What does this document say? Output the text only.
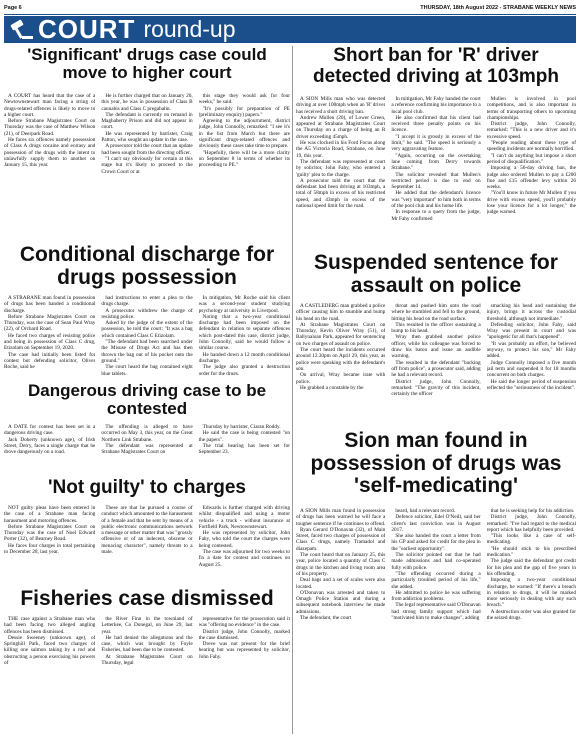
Page 6	THURSDAY, 18th August 2022 - STRABANE WEEKLY NEWS
COURT round-up
'Significant' drugs case could move to higher court

A COURT has heard that the case of a Newtownstewart man facing a string of drugs-related offences is likely to move to a higher court.

Before Strabane Magistrates Court on Thursday was the case of Matthew Wilson (21), of Deerpark Road.

He faces six offences namely possession of Class A drugs cocaine and ecstasy and possession of the drugs with the intent to unlawfully supply them to another on January 15, this year.

He is further charged that on January 20, this year, he was in possession of Class B cannabis and Class C pregabalin.

The defendant is currently on remand in Maghaberry Prison and did not appear in court.

He was represented by barrister, Craig Patton, who sought an update in the case.

A prosecutor told the court that an update had been sought from the directing officer.

"I can't say obviously for certain at this stage but it's likely to proceed to the Crown Court or at

this stage they would ask for four weeks," he said.

"It's possibly for preparation of PE (preliminary enquiry) papers."

Agreeing to the adjournment, district judge, John Connolly, remarked: "I see it's in the list from March but there are significant drugs-related offences and obviously these cases take time to prepare.

"Hopefully, there will be a more clarity on September 8 in terms of whether its proceeding to PE."

Conditional discharge for drugs possession

A STRABANE man found in possession of drugs has been handed a conditional discharge.

Before Strabane Magistrates Court on Thursday, was the case of Sean Paul Wray (22), of Orchard Road.

He faced two charges of resisting police and being in possession of Class C drug, Etizolam on September 19, 2020.

The case had initially been listed for contest but defending solicitor, Oliver Roche, said he

had instructions to enter a plea to the drugs charge.

A prosecutor withdrew the charge of resisting police.

Asked by the judge of the extent of the possession, he told the court: "It was a bag which contained Class C Etizolam.

"The defendant had been searched under the Misuse of Drugs Act and has then thrown the bag out of his pocket onto the ground."

The court heard the bag contained eight blue tablets.

In mitigation, Mr Roche said his client was a second-year student studying psychology at university in Liverpool.

Noting that a two-year conditional discharge had been imposed on the defendant in relation to separate offences which post-dated this case, district judge, John Connolly, said he would follow a similar course.

He handed down a 12 month conditional discharge.

The judge also granted a destruction order for the drugs.

Dangerous driving case to be contested

A DATE for contest has been set in a dangerous driving case.

Jack Doherty (unknown age), of Irish Street, Derry, faces a single charge that he drove dangerously on a road.

The offending is alleged to have occurred on May 3, this year, on the Great Northern Link Strabane.

The defendant was represented at Strabane Magistrates Court on

Thursday by barrister, Ciaran Roddy.

He said the case is being contested "on the papers".

The trial hearing has been set for September 23.

'Not guilty' to charges

NOT guilty pleas have been entered in the case of a Strabane man facing harassment and motoring offences.

Before Strabane Magistrates Court on Thursday was the case of Noel Edward Porter (32), of Bearney Road.

He faces four charges in total pertaining to December 28, last year.

These are that he pursued a course of conduct which amounted to the harassment of a female and that he sent by means of a public electronic communications network a message or other matter that was "grossly offensive or of an indecent, obscene or menacing character", namely threats to a male.

Edwards is further charged with driving whilst disqualified and using a motor vehicle - a truck - without insurance at Fortfield Park, Newtownstewart.

He was represented by solicitor, John Fahy, who told the court the charges were being contested.

The case was adjourned for two weeks to fix a date for contest and continues on August 25.

Fisheries case dismissed

THE case against a Strabane man who had been facing two alleged angling offences has been dismissed.

Dessie Sweeney (unknown age), of Springhill Park, faced two charges of killing one salmon taking by a rod and obstructing a person exercising his powers of

the River Finn in the townland of Letterkee, Co Donegal, on June 29, last year.

He had denied the allegations and the case, which was brought by Foyle Fisheries, had been due to be contested.

At Strabane Magistrates Court on Thursday, legal

representative for the prosecution said it was "offering no evidence" in the case.

District judge, John Connolly, marked the case dismissed.

Dreve was not present for the brief hearing but was represented by solicitor, John Fahy.

Short ban for 'R' driver detected driving at 103mph

A SION Mills man who was detected driving at over 100mph when an 'R' driver has received a short driving ban.

Andrew Mullen (20), of Lower Green, appeared at Strabane Magistrates Court on Thursday on a charge of being an R driver exceeding 45mph.

He was clocked in his Ford Focus along the A5 Victoria Road, Strabane, on June 19, this year.

The defendant was represented at court by solicitor, John Fahy, who entered a 'guilty' plea to the charge.

A prosecutor told the court that the defendant had been driving at 103mph, a total of 58mph in excess of his restricted speed, and 43mph in excess of the national speed limit for the road.

In mitigation, Mr Fahy handed the court a reference confirming his importance to a local pool club.

He also confirmed that his client had received three penalty points on his licence.

"I accept it is grossly in excess of the limit," he said. "The speed is seriously a very aggravating feature.

"Again, occurring on the overtaking lane coming from Derry towards Strabane."

The solicitor revealed that Mullen's restricted period is due to end on September 14.

He added that the defendant's licence was "very important" to him both in terms of the pool club and his home life.

In response to a query from the judge, Mr Fahy confirmed

Mullen is involved in pool competitions, and is also important in terms of transporting others to upcoming championships.

District judge, John Connolly, remarked: "This is a new driver and it's excessive speed.

"People reading about these type of speeding incidents are normally horrified.

"I can't do anything but impose a short period of disqualification."

Imposing a 56-day driving ban, the judge also ordered Mullen to pay a £200 fine and £15 offender levy within 26 weeks.

"You'll know in future Mr Mullen if you drive with excess speed, you'll probably lose your licence for a lot longer," the judge warned.

Suspended sentence for assault on police

A CASTLEDERG man grabbed a police officer causing him to stumble and bump his head on the road.

At Strabane Magistrates Court on Thursday, Kevin Oliver Wray (51), of Ballynaloan Park, appeared for sentencing on two charges of assault on police.

The court heard the incidents occurred around 12.30pm on April 29, this year, as police were speaking with the defendant's son.

On arrival, Wray became irate with police.

He grabbed a constable by the

throat and pushed him onto the road where he stumbled and fell to the ground, hitting his head on the road surface.

This resulted in the officer sustaining a bump to his head.

Wray then grabbed another police officer, while his colleague was forced to draw his baton and issue an audible warning.

The resulted in the defendant "backing off from police", a prosecutor said, adding he had a relevant record.

District judge, John Connolly, remarked: "The gravity of this incident, certainly the officer

smacking his head and sustaining the injury, brings it across the custodial threshold, although not immediate."

Defending solicitor, John Fahy, said Wray was present in court and was "apologetic for all that's happened".

"It was probably an effort, he believed anyway, to protect his son," Mr Fahy added.

Judge Connolly imposed a five month jail term and suspended it for 18 months concurrent on both charges.

He said the longer period of suspension reflected the "seriousness of the incident".

Sion man found in possession of drugs was 'self-medicating'

A SION Mills man found in possession of drugs has been warned he will face a tougher sentence if he continues to offend.

Ryan Gerard O'Donavan (32), of Main Street, faced two charges of possession of Class C drugs, namely Tramadol and diazepam.

The court heard that on January 25, this year, police located a quantity of Class C drugs in the kitchen and living room area of his property.

Deal bags and a set of scales were also located.

O'Donavan was arrested and taken to Omagh Police Station and during a subsequent notebook interview he made admissions.

The defendant, the court

heard, had a relevant record.

Defence solicitor, Edel O'Neill, said her client's last conviction was in August 2017.

She also handed the court a letter from his GP and asked for credit for the plea in the "earliest opportunity".

The solicitor pointed out that he had made admissions and had co-operated fully with police.

"The offending occurred during a particularly troubled period of his life," she added.

He admitted to police he was suffering from addiction problems.

The legal representative said O'Donavan had strong family support which had "motivated him to make changes", adding

that he is seeking help for his addiction.

District judge, John Connolly, remarked: "I've had regard to the medical report which has helpfully been provided.

"This looks like a case of self-medicating.

"He should stick to his prescribed medication."

The judge said the defendant got credit for his plea and the gap of five years in his offending.

Imposing a two-year conditional discharge, he warned: "If there's a breach in relation to drugs, it will be marked more seriously in dealing with any such breach."

A destruction order was also granted for the seized drugs.
